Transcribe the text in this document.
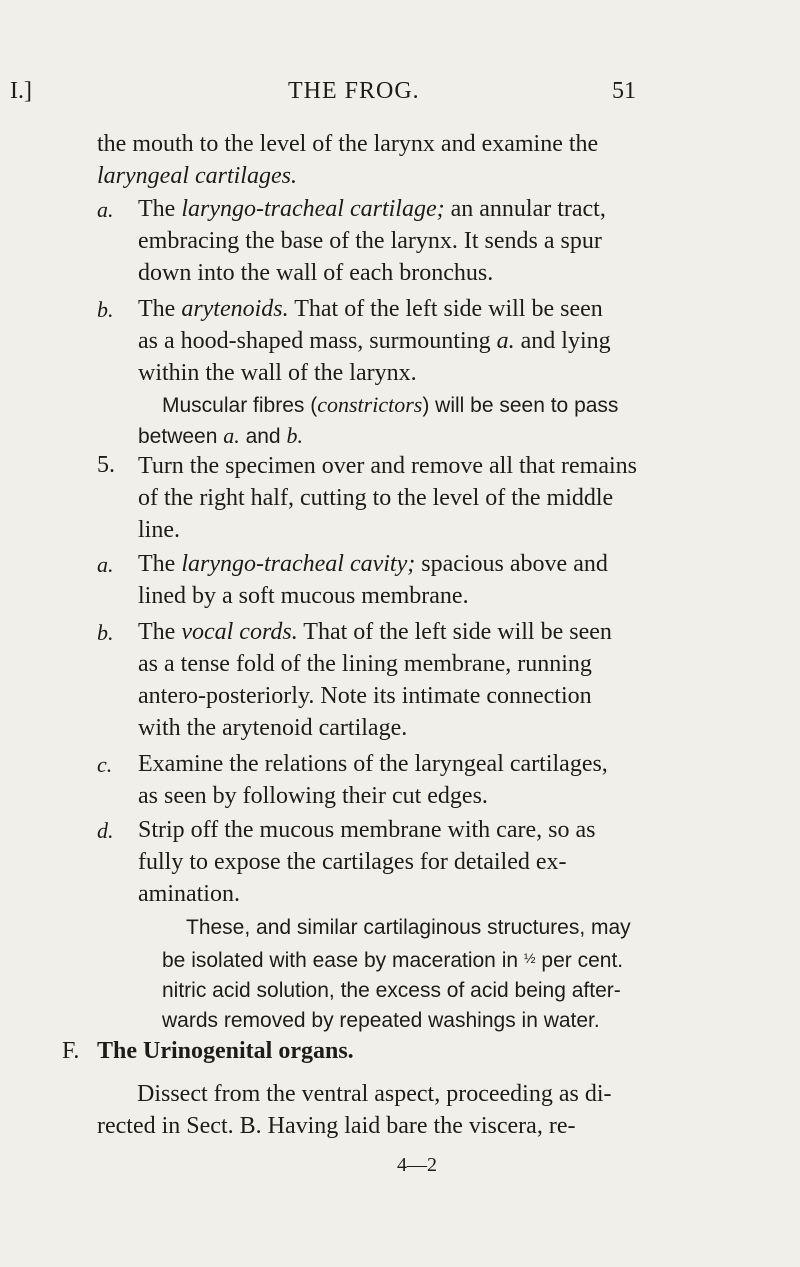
I.]	THE FROG.	51
the mouth to the level of the larynx and examine the
laryngeal cartilages.
a. The laryngo-tracheal cartilage; an annular tract,
embracing the base of the larynx. It sends a spur
down into the wall of each bronchus.
b. The arytenoids. That of the left side will be seen
as a hood-shaped mass, surmounting a. and lying
within the wall of the larynx.
Muscular fibres (constrictors) will be seen to pass
between a. and b.
5. Turn the specimen over and remove all that remains
of the right half, cutting to the level of the middle
line.
a. The laryngo-tracheal cavity; spacious above and
lined by a soft mucous membrane.
b. The vocal cords. That of the left side will be seen
as a tense fold of the lining membrane, running
antero-posteriorly. Note its intimate connection
with the arytenoid cartilage.
c. Examine the relations of the laryngeal cartilages,
as seen by following their cut edges.
d. Strip off the mucous membrane with care, so as
fully to expose the cartilages for detailed ex-
amination.
These, and similar cartilaginous structures, may
be isolated with ease by maceration in ½ per cent.
nitric acid solution, the excess of acid being after-
wards removed by repeated washings in water.
F. The Urinogenital organs.
Dissect from the ventral aspect, proceeding as di-
rected in Sect. B. Having laid bare the viscera, re-
4—2
